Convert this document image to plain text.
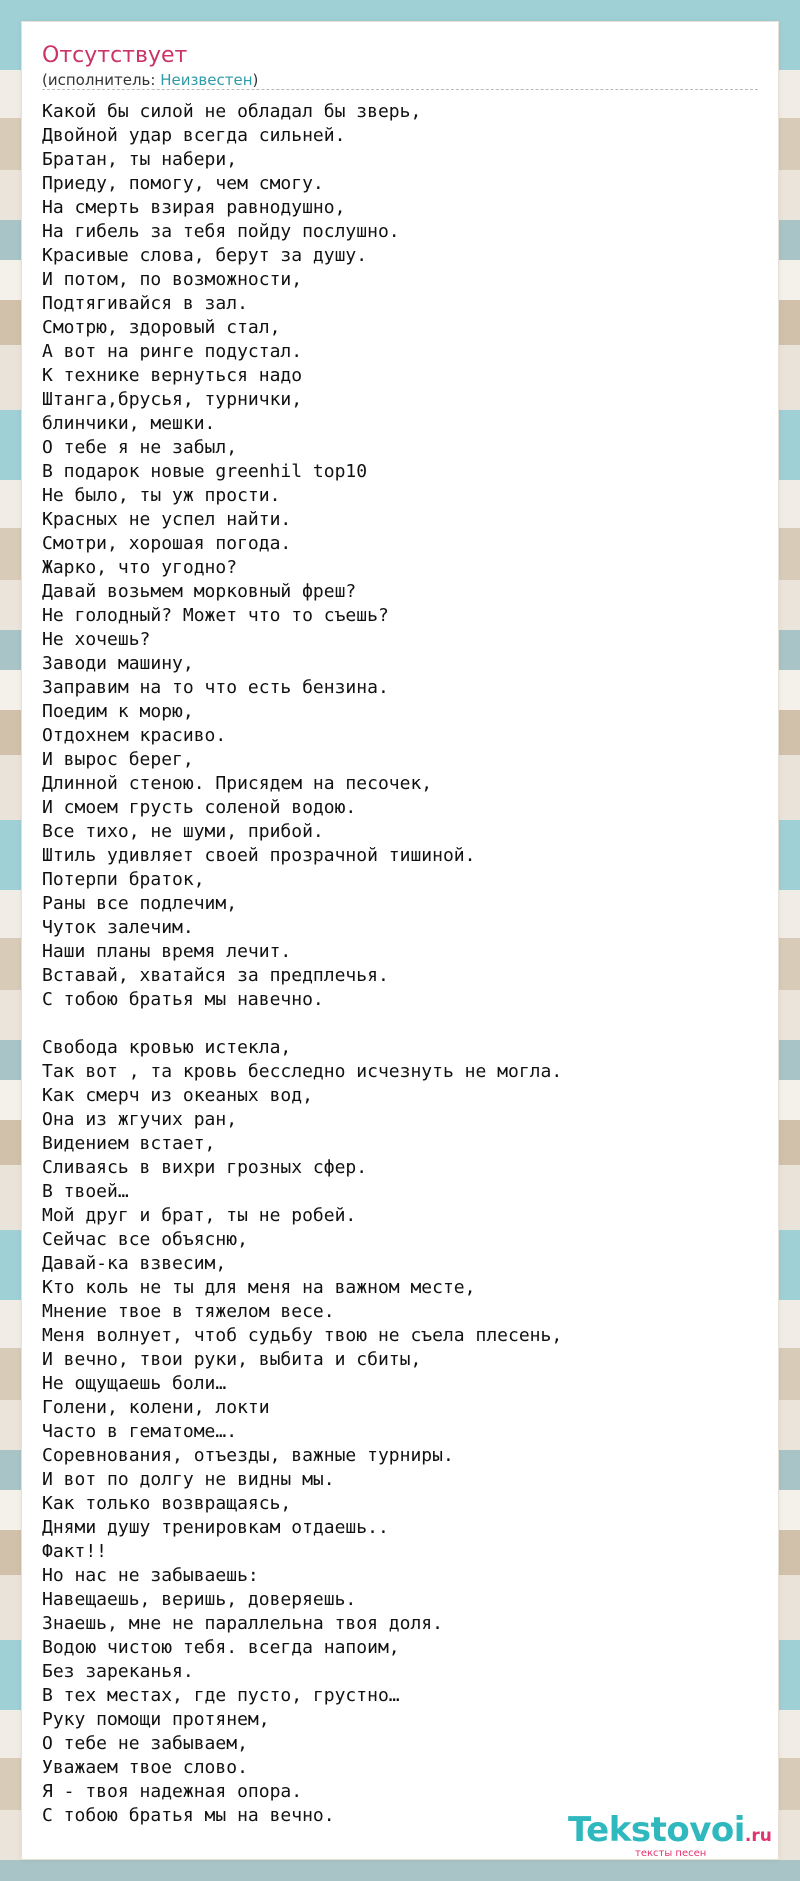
Отсутствует
(исполнитель: Неизвестен)
Какой бы силой не обладал бы зверь,
Двойной удар всегда сильней.
Братан, ты набери,
Приеду, помогу, чем смогу.
На смерть взирая равнодушно,
На гибель за тебя пойду послушно.
Красивые слова, берут за душу.
И потом, по возможности,
Подтягивайся в зал.
Смотрю, здоровый стал,
А вот на ринге подустал.
К технике вернуться надо
Штанга,брусья, турнички,
блинчики, мешки.
О тебе я не забыл,
В подарок новые greenhil top10
Не было, ты уж прости.
Красных не успел найти.
Смотри, хорошая погода.
Жарко, что угодно?
Давай возьмем морковный фреш?
Не голодный? Может что то съешь?
Не хочешь?
Заводи машину,
Заправим на то что есть бензина.
Поедим к морю,
Отдохнем красиво.
И вырос берег,
Длинной стеною. Присядем на песочек,
И смоем грусть соленой водою.
Все тихо, не шуми, прибой.
Штиль удивляет своей прозрачной тишиной.
Потерпи браток,
Раны все подлечим,
Чуток залечим.
Наши планы время лечит.
Вставай, хватайся за предплечья.
С тобою братья мы навечно.

Свобода кровью истекла,
Так вот , та кровь бесследно исчезнуть не могла.
Как смерч из океаных вод,
Она из жгучих ран,
Видением встает,
Сливаясь в вихри грозных сфер.
В твоей…
Мой друг и брат, ты не робей.
Сейчас все объясню,
Давай-ка взвесим,
Кто коль не ты для меня на важном месте,
Мнение твое в тяжелом весе.
Меня волнует, чтоб судьбу твою не съела плесень,
И вечно, твои руки, выбита и сбиты,
Не ощущаешь боли…
Голени, колени, локти
Часто в гематоме….
Соревнования, отъезды, важные турниры.
И вот по долгу не видны мы.
Как только возвращаясь,
Днями душу тренировкам отдаешь..
Факт!!
Но нас не забываешь:
Навещаешь, веришь, доверяешь.
Знаешь, мне не параллельна твоя доля.
Водою чистою тебя. всегда напоим,
Без зареканья.
В тех местах, где пусто, грустно…
Руку помощи протянем,
О тебе не забываем,
Уважаем твое слово.
Я - твоя надежная опора.
С тобою братья мы на вечно.	Tekstovoi.ru
тексты песен
